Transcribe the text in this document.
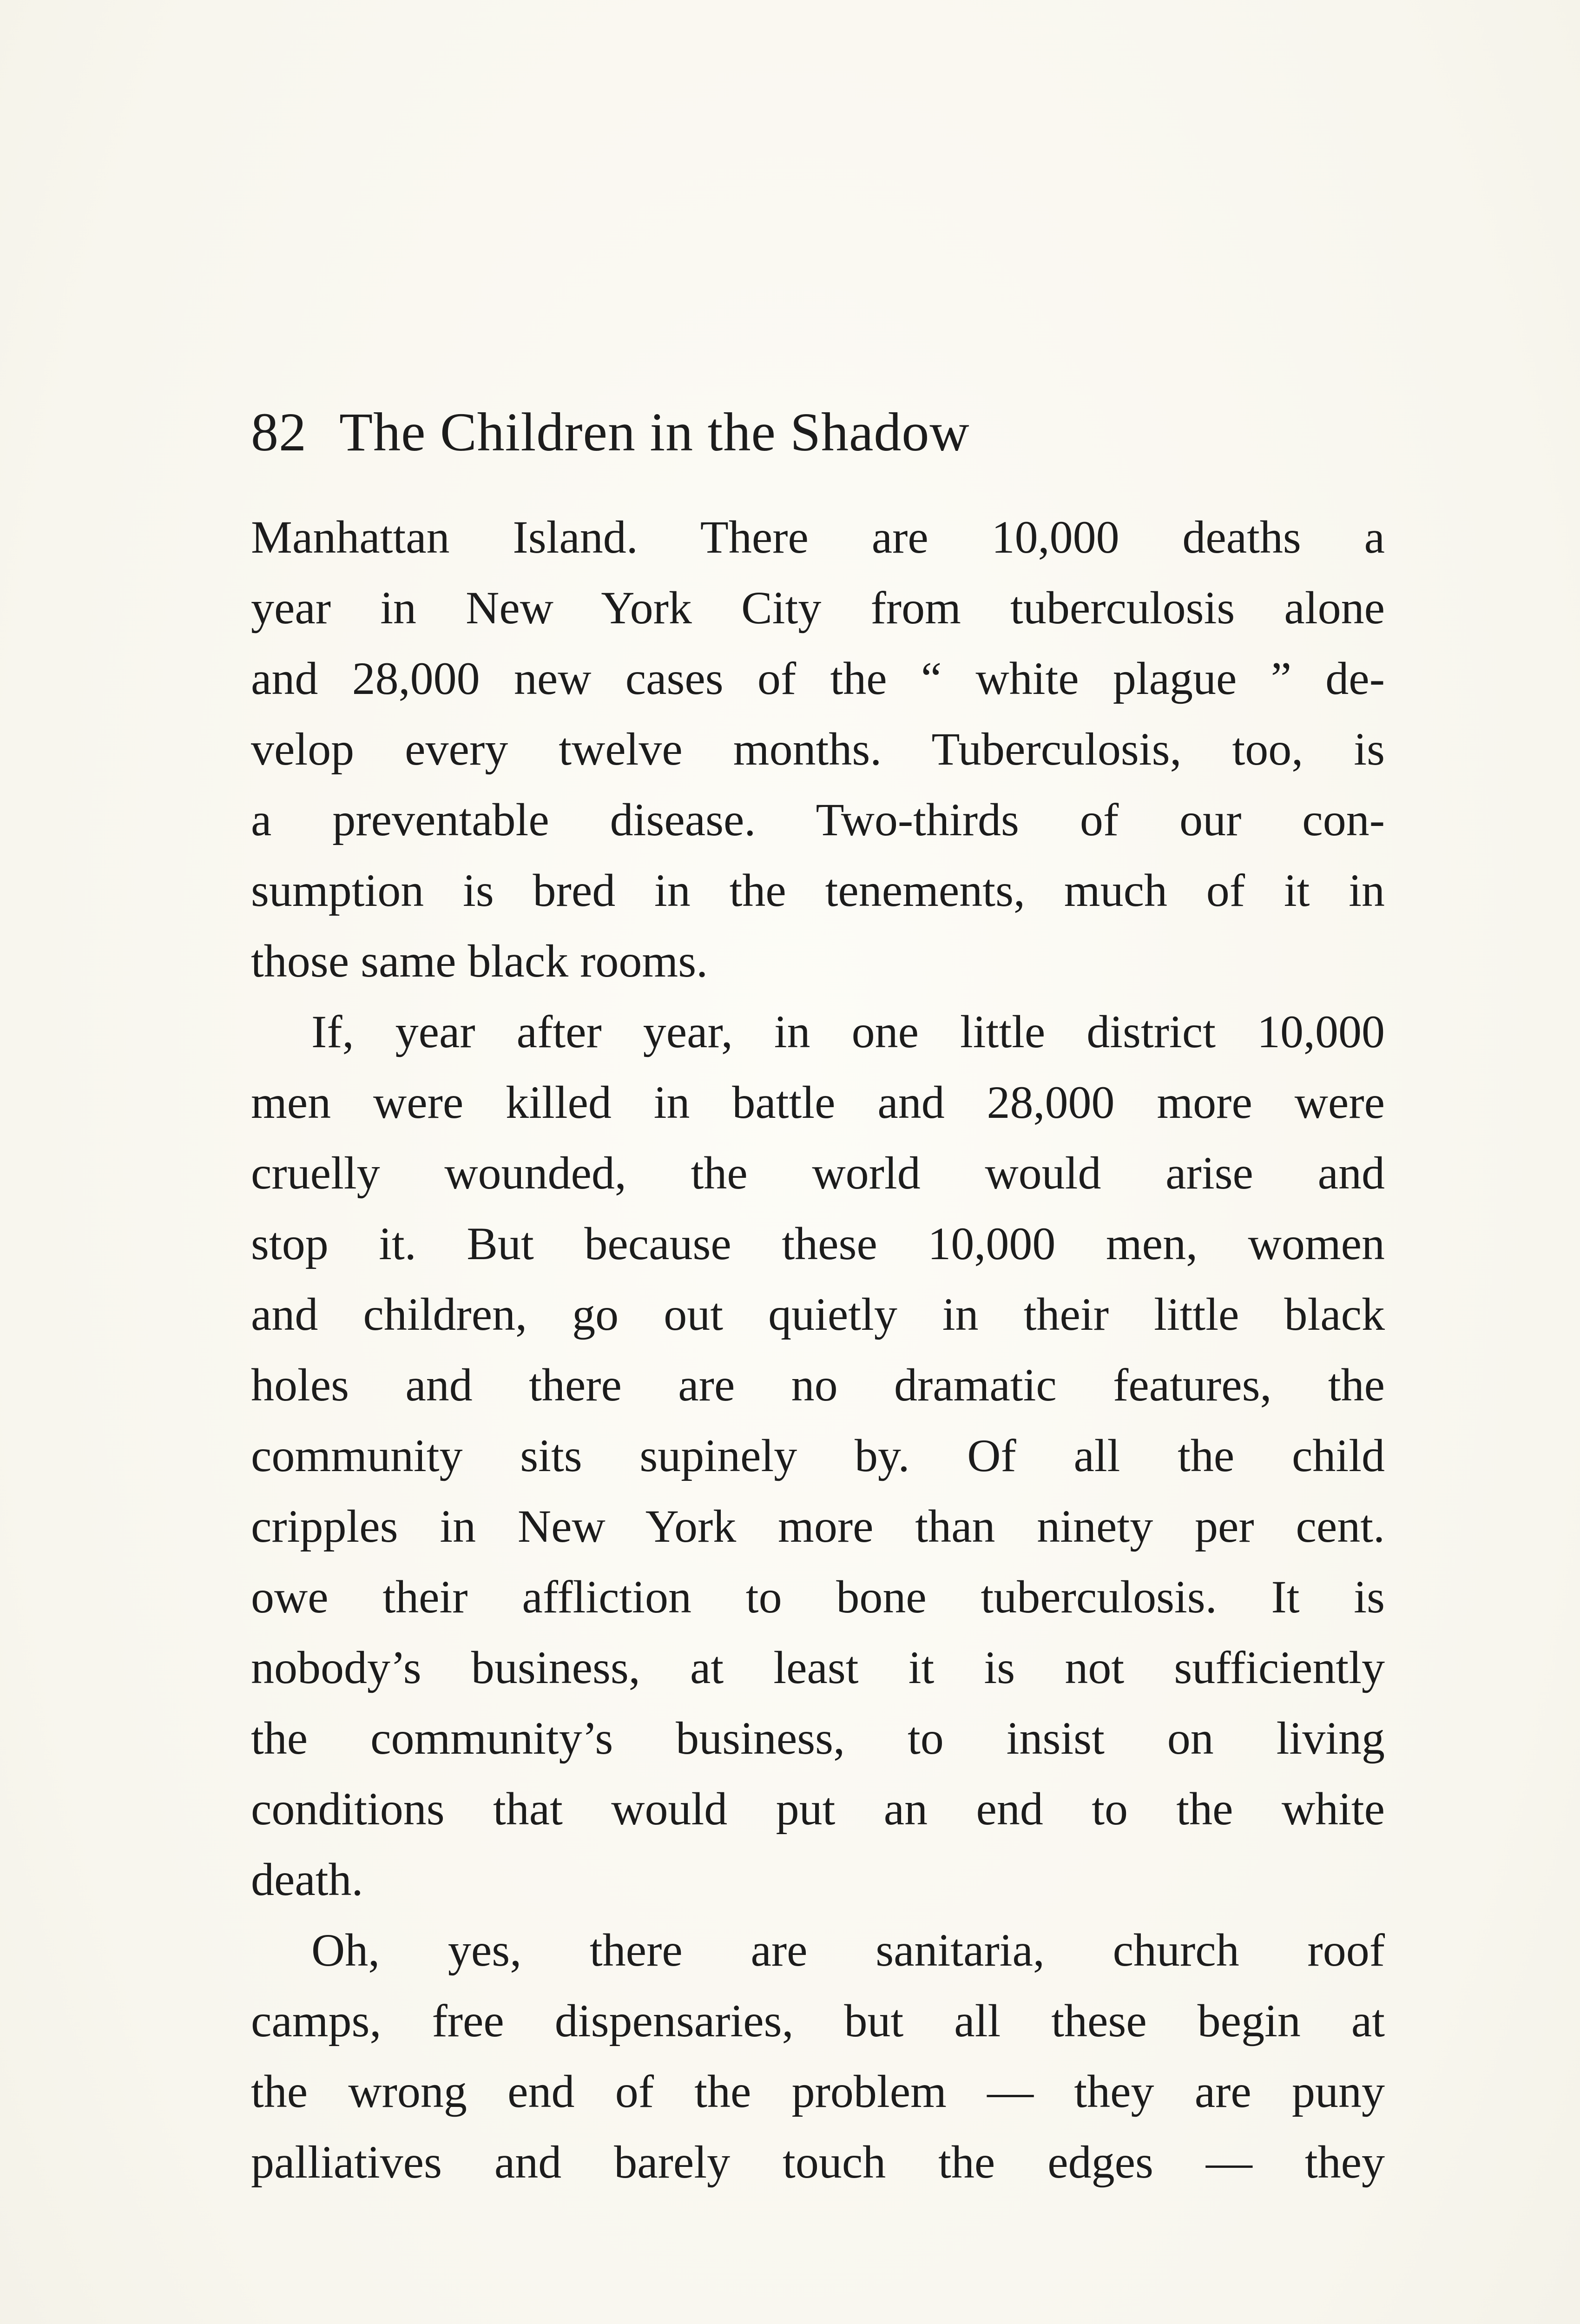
82 The Children in the Shadow
Manhattan Island. There are 10,000 deaths a
year in New York City from tuberculosis alone
and 28,000 new cases of the “ white plague ” de-
velop every twelve months. Tuberculosis, too, is
a preventable disease. Two-thirds of our con-
sumption is bred in the tenements, much of it in
those same black rooms.
If, year after year, in one little district 10,000
men were killed in battle and 28,000 more were
cruelly wounded, the world would arise and
stop it. But because these 10,000 men, women
and children, go out quietly in their little black
holes and there are no dramatic features, the
community sits supinely by. Of all the child
cripples in New York more than ninety per cent.
owe their affliction to bone tuberculosis. It is
nobody’s business, at least it is not sufficiently
the community’s business, to insist on living
conditions that would put an end to the white
death.
Oh, yes, there are sanitaria, church roof
camps, free dispensaries, but all these begin at
the wrong end of the problem — they are puny
palliatives and barely touch the edges — they
